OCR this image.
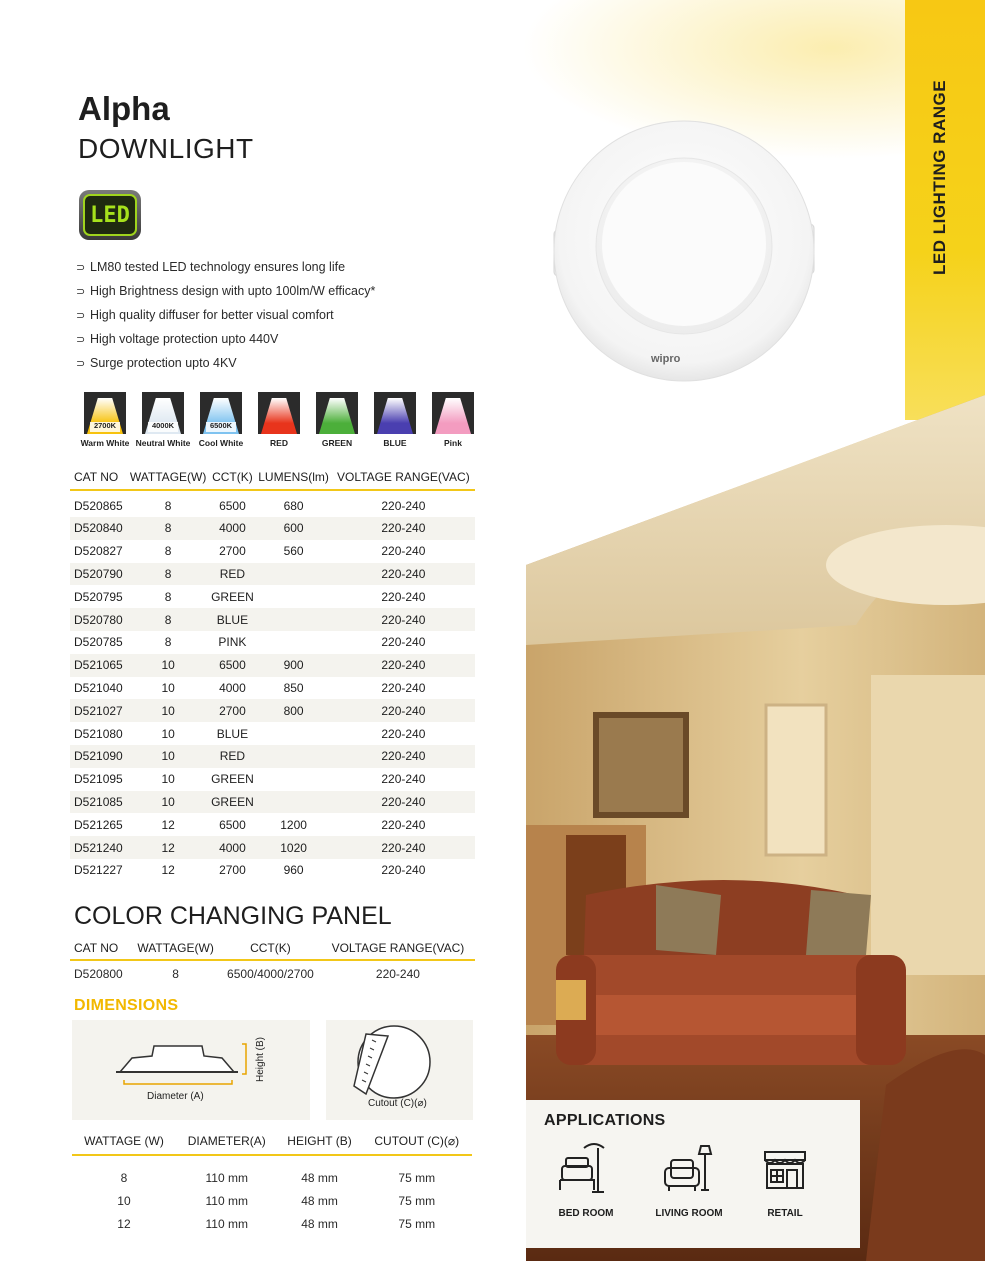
LED LIGHTING RANGE
wipro
Alpha
DOWNLIGHT
LED
⊃ LM80 tested LED technology ensures long life
⊃ High Brightness design with upto 100lm/W efficacy*
⊃ High quality diffuser for better visual comfort
⊃ High voltage protection upto 440V
⊃ Surge protection upto 4KV
2700K
Warm White
4000K
Neutral White
6500K
Cool White	RED	GREEN	BLUE	Pink
CAT NO	WATTAGE(W)	CCT(K)	LUMENS(lm)	VOLTAGE RANGE(VAC)
D520865	8	6500	680	220-240
D520840	8	4000	600	220-240
D520827	8	2700	560	220-240
D520790	8	RED		220-240
D520795	8	GREEN		220-240
D520780	8	BLUE		220-240
D520785	8	PINK		220-240
D521065	10	6500	900	220-240
D521040	10	4000	850	220-240
D521027	10	2700	800	220-240
D521080	10	BLUE		220-240
D521090	10	RED		220-240
D521095	10	GREEN		220-240
D521085	10	GREEN		220-240
D521265	12	6500	1200	220-240
D521240	12	4000	1020	220-240
D521227	12	2700	960	220-240
COLOR CHANGING PANEL
CAT NO	WATTAGE(W)	CCT(K)	VOLTAGE RANGE(VAC)
D520800	8	6500/4000/2700	220-240
DIMENSIONS
Diameter (A)
Height (B)
Cutout (C)(⌀)
WATTAGE (W)	DIAMETER(A)	HEIGHT (B)	CUTOUT (C)(⌀)
8	110 mm	48 mm	75 mm
10	110 mm	48 mm	75 mm
12	110 mm	48 mm	75 mm
APPLICATIONS
BED ROOM	LIVING ROOM	RETAIL
